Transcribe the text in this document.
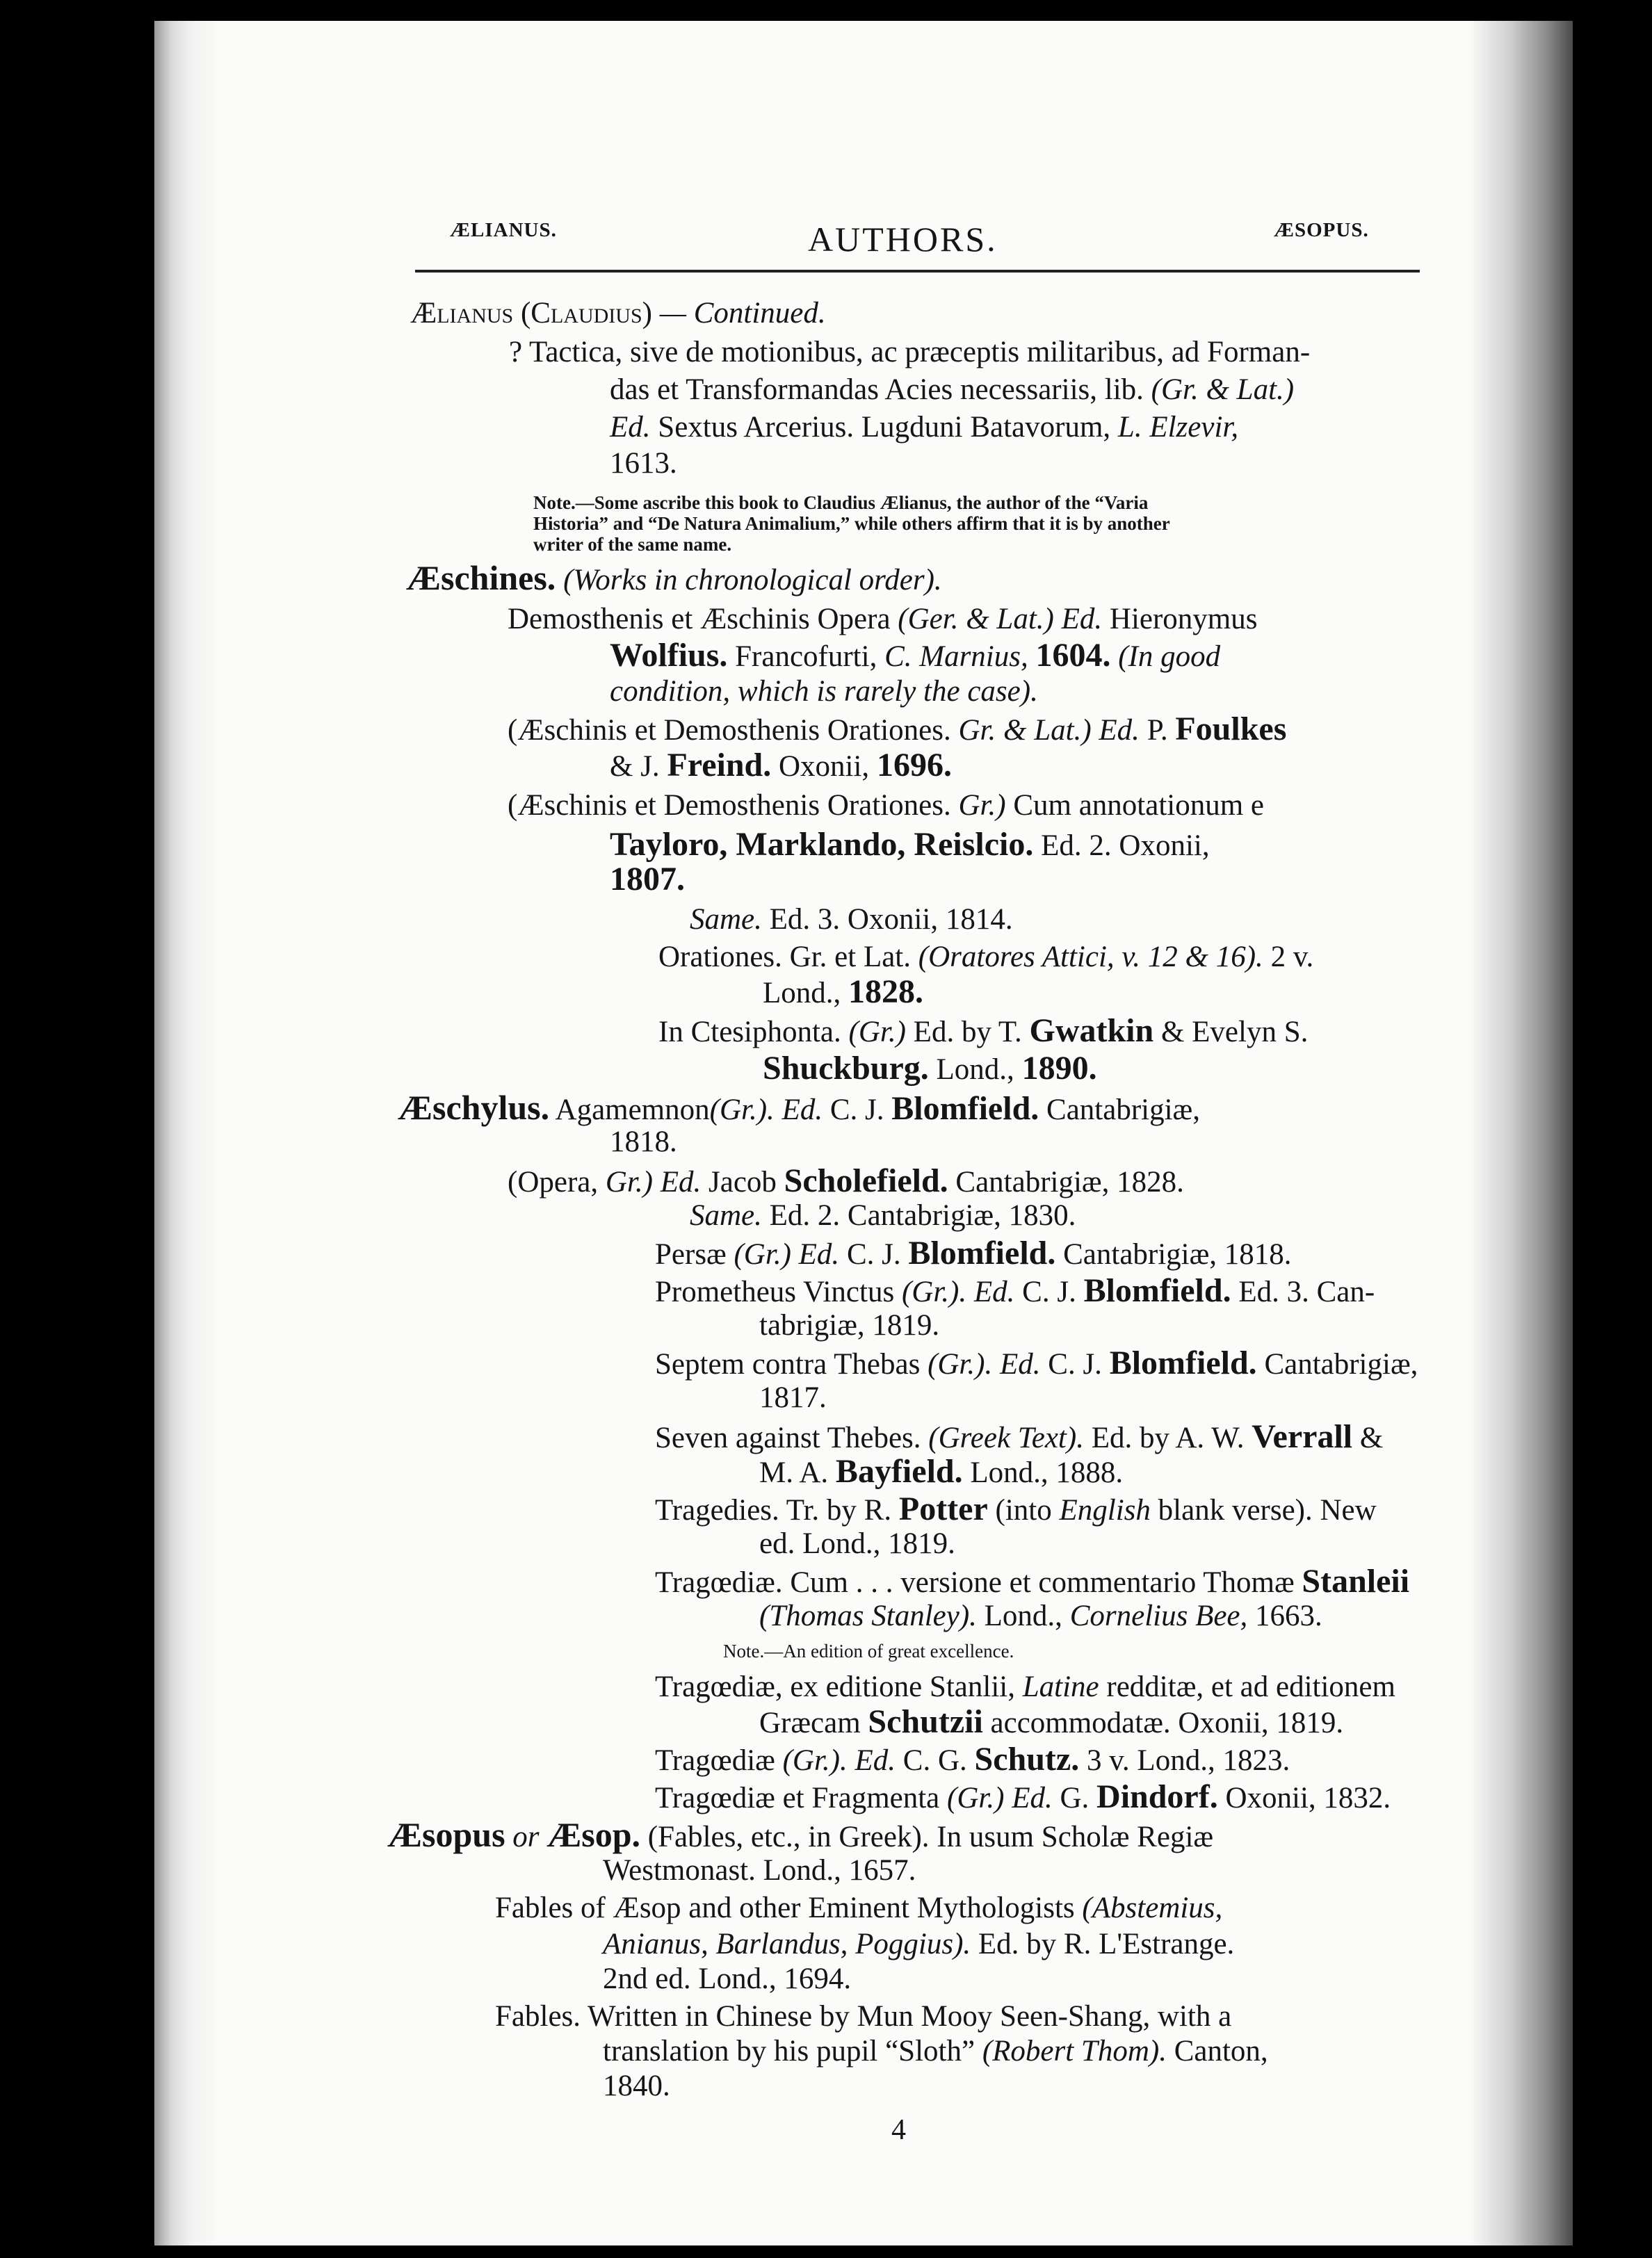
ÆLIANUS.	AUTHORS.	ÆSOPUS.
Ælianus (Claudius) — Continued.
? Tactica, sive de motionibus, ac præceptis militaribus, ad Forman-
das et Transformandas Acies necessariis, lib. (Gr. & Lat.)
Ed. Sextus Arcerius. Lugduni Batavorum, L. Elzevir,
1613.
Note.—Some ascribe this book to Claudius Ælianus, the author of the “Varia
Historia” and “De Natura Animalium,” while others affirm that it is by another
writer of the same name.
Æschines. (Works in chronological order).
Demosthenis et Æschinis Opera (Ger. & Lat.) Ed. Hieronymus
Wolfius. Francofurti, C. Marnius, 1604. (In good
condition, which is rarely the case).
(Æschinis et Demosthenis Orationes. Gr. & Lat.) Ed. P. Foulkes
& J. Freind. Oxonii, 1696.
(Æschinis et Demosthenis Orationes. Gr.) Cum annotationum e
Tayloro, Marklando, Reislcio. Ed. 2. Oxonii,
1807.
Same. Ed. 3. Oxonii, 1814.
Orationes. Gr. et Lat. (Oratores Attici, v. 12 & 16). 2 v.
Lond., 1828.
In Ctesiphonta. (Gr.) Ed. by T. Gwatkin & Evelyn S.
Shuckburg. Lond., 1890.
Æschylus. Agamemnon(Gr.). Ed. C. J. Blomfield. Cantabrigiæ,
1818.
(Opera, Gr.) Ed. Jacob Scholefield. Cantabrigiæ, 1828.
Same. Ed. 2. Cantabrigiæ, 1830.
Persæ (Gr.) Ed. C. J. Blomfield. Cantabrigiæ, 1818.
Prometheus Vinctus (Gr.). Ed. C. J. Blomfield. Ed. 3. Can-
tabrigiæ, 1819.
Septem contra Thebas (Gr.). Ed. C. J. Blomfield. Cantabrigiæ,
1817.
Seven against Thebes. (Greek Text). Ed. by A. W. Verrall &
M. A. Bayfield. Lond., 1888.
Tragedies. Tr. by R. Potter (into English blank verse). New
ed. Lond., 1819.
Tragœdiæ. Cum . . . versione et commentario Thomæ Stanleii
(Thomas Stanley). Lond., Cornelius Bee, 1663.
Note.—An edition of great excellence.
Tragœdiæ, ex editione Stanlii, Latine redditæ, et ad editionem
Græcam Schutzii accommodatæ. Oxonii, 1819.
Tragœdiæ (Gr.). Ed. C. G. Schutz. 3 v. Lond., 1823.
Tragœdiæ et Fragmenta (Gr.) Ed. G. Dindorf. Oxonii, 1832.
Æsopus or Æsop. (Fables, etc., in Greek). In usum Scholæ Regiæ
Westmonast. Lond., 1657.
Fables of Æsop and other Eminent Mythologists (Abstemius,
Anianus, Barlandus, Poggius). Ed. by R. L'Estrange.
2nd ed. Lond., 1694.
Fables. Written in Chinese by Mun Mooy Seen-Shang, with a
translation by his pupil “Sloth” (Robert Thom). Canton,
1840.
4
